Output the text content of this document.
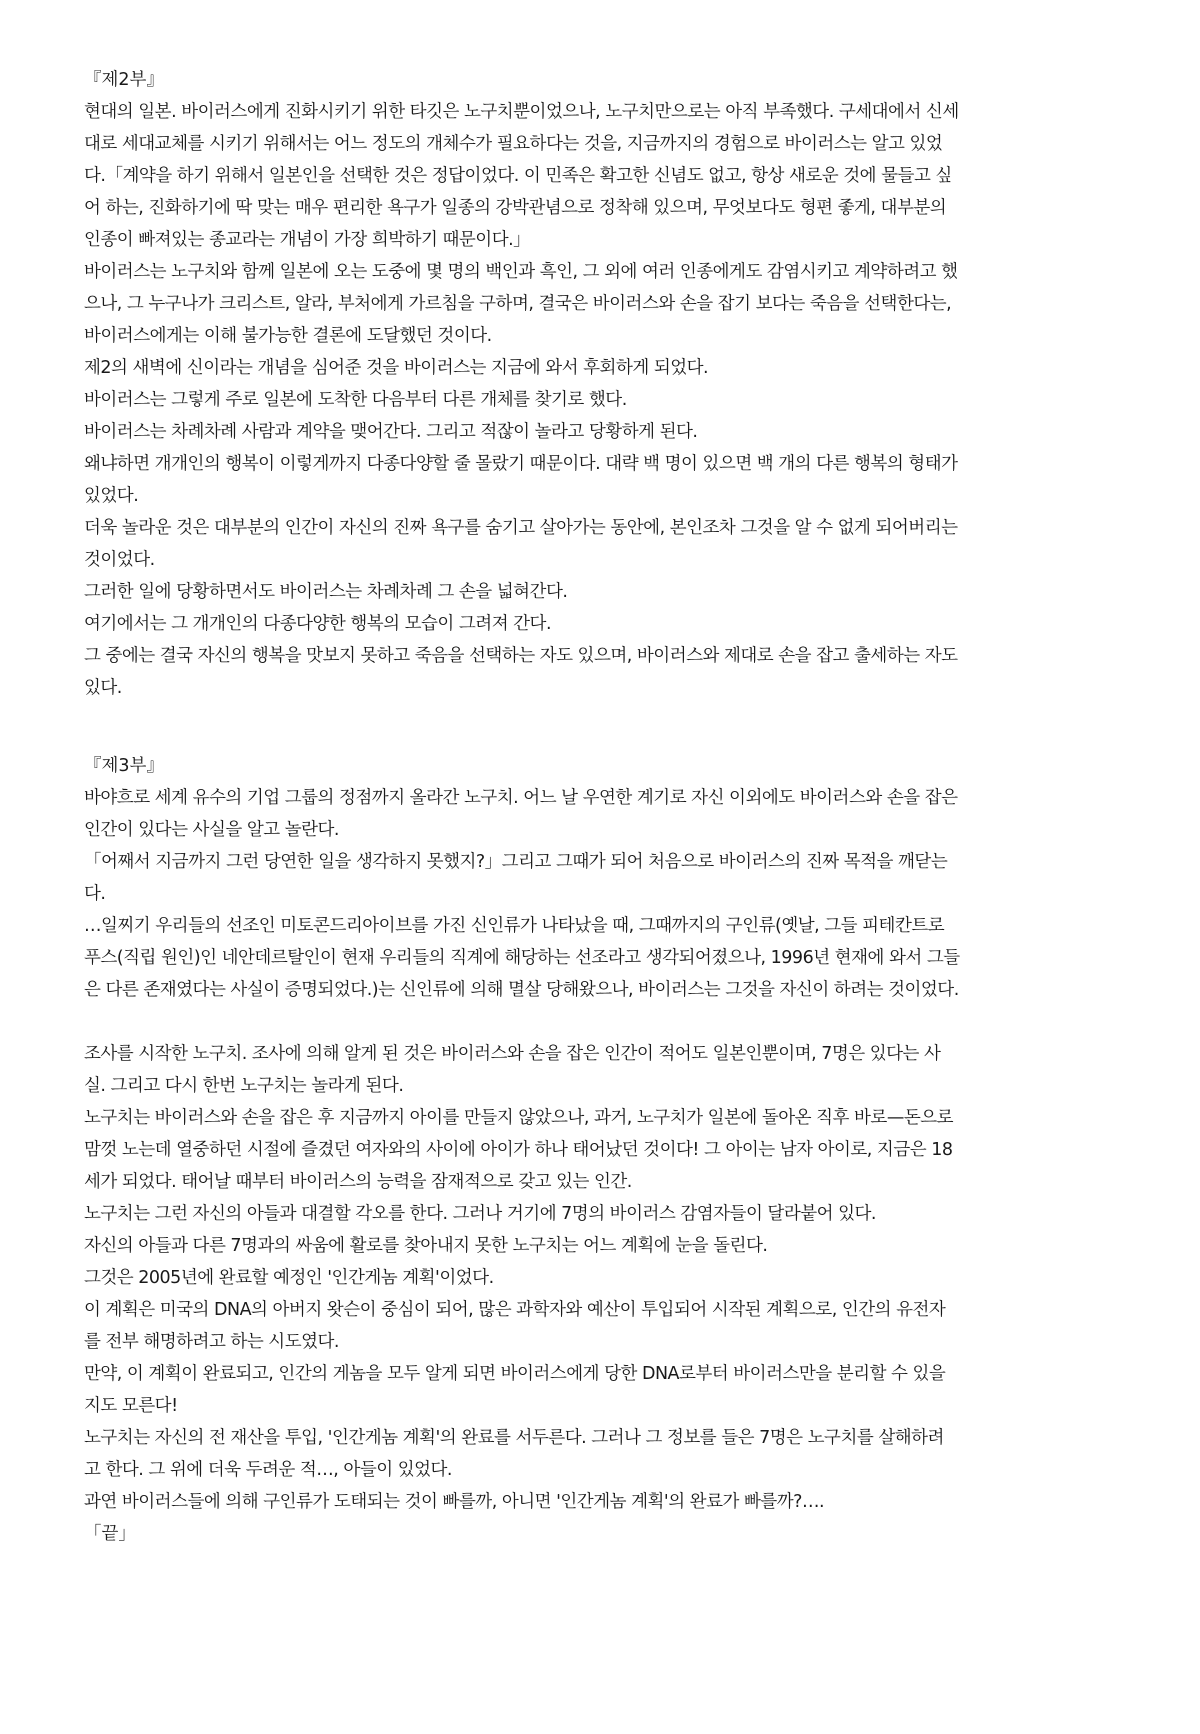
『제2부』

현대의 일본. 바이러스에게 진화시키기 위한 타깃은 노구치뿐이었으나, 노구치만으로는 아직 부족했다. 구세대에서 신세

대로 세대교체를 시키기 위해서는 어느 정도의 개체수가 필요하다는 것을, 지금까지의 경험으로 바이러스는 알고 있었

다.「계약을 하기 위해서 일본인을 선택한 것은 정답이었다. 이 민족은 확고한 신념도 없고, 항상 새로운 것에 물들고 싶

어 하는, 진화하기에 딱 맞는 매우 편리한 욕구가 일종의 강박관념으로 정착해 있으며, 무엇보다도 형편 좋게, 대부분의

인종이 빠져있는 종교라는 개념이 가장 희박하기 때문이다.」

바이러스는 노구치와 함께 일본에 오는 도중에 몇 명의 백인과 흑인, 그 외에 여러 인종에게도 감염시키고 계약하려고 했

으나, 그 누구나가 크리스트, 알라, 부처에게 가르침을 구하며, 결국은 바이러스와 손을 잡기 보다는 죽음을 선택한다는,

바이러스에게는 이해 불가능한 결론에 도달했던 것이다.

제2의 새벽에 신이라는 개념을 심어준 것을 바이러스는 지금에 와서 후회하게 되었다.

바이러스는 그렇게 주로 일본에 도착한 다음부터 다른 개체를 찾기로 했다.

바이러스는 차례차례 사람과 계약을 맺어간다. 그리고 적잖이 놀라고 당황하게 된다.

왜냐하면 개개인의 행복이 이렇게까지 다종다양할 줄 몰랐기 때문이다. 대략 백 명이 있으면 백 개의 다른 행복의 형태가

있었다.

더욱 놀라운 것은 대부분의 인간이 자신의 진짜 욕구를 숨기고 살아가는 동안에, 본인조차 그것을 알 수 없게 되어버리는

것이었다.

그러한 일에 당황하면서도 바이러스는 차례차례 그 손을 넓혀간다.

여기에서는 그 개개인의 다종다양한 행복의 모습이 그려져 간다.

그 중에는 결국 자신의 행복을 맛보지 못하고 죽음을 선택하는 자도 있으며, 바이러스와 제대로 손을 잡고 출세하는 자도

있다.

『제3부』

바야흐로 세계 유수의 기업 그룹의 정점까지 올라간 노구치. 어느 날 우연한 계기로 자신 이외에도 바이러스와 손을 잡은

인간이 있다는 사실을 알고 놀란다.

「어째서 지금까지 그런 당연한 일을 생각하지 못했지?」그리고 그때가 되어 처음으로 바이러스의 진짜 목적을 깨닫는

다.

…일찌기 우리들의 선조인 미토콘드리아이브를 가진 신인류가 나타났을 때, 그때까지의 구인류(옛날, 그들 피테칸트로

푸스(직립 원인)인 네안데르탈인이 현재 우리들의 직계에 해당하는 선조라고 생각되어졌으나, 1996년 현재에 와서 그들

은 다른 존재였다는 사실이 증명되었다.)는 신인류에 의해 멸살 당해왔으나, 바이러스는 그것을 자신이 하려는 것이었다.

조사를 시작한 노구치. 조사에 의해 알게 된 것은 바이러스와 손을 잡은 인간이 적어도 일본인뿐이며, 7명은 있다는 사

실. 그리고 다시 한번 노구치는 놀라게 된다.

노구치는 바이러스와 손을 잡은 후 지금까지 아이를 만들지 않았으나, 과거, 노구치가 일본에 돌아온 직후 바로—돈으로

맘껏 노는데 열중하던 시절에 즐겼던 여자와의 사이에 아이가 하나 태어났던 것이다! 그 아이는 남자 아이로, 지금은 18

세가 되었다. 태어날 때부터 바이러스의 능력을 잠재적으로 갖고 있는 인간.

노구치는 그런 자신의 아들과 대결할 각오를 한다. 그러나 거기에 7명의 바이러스 감염자들이 달라붙어 있다.

자신의 아들과 다른 7명과의 싸움에 활로를 찾아내지 못한 노구치는 어느 계획에 눈을 돌린다.

그것은 2005년에 완료할 예정인 '인간게놈 계획'이었다.

이 계획은 미국의 DNA의 아버지 왓슨이 중심이 되어, 많은 과학자와 예산이 투입되어 시작된 계획으로, 인간의 유전자

를 전부 해명하려고 하는 시도였다.

만약, 이 계획이 완료되고, 인간의 게놈을 모두 알게 되면 바이러스에게 당한 DNA로부터 바이러스만을 분리할 수 있을

지도 모른다!

노구치는 자신의 전 재산을 투입, '인간게놈 계획'의 완료를 서두른다. 그러나 그 정보를 들은 7명은 노구치를 살해하려

고 한다. 그 위에 더욱 두려운 적…, 아들이 있었다.

과연 바이러스들에 의해 구인류가 도태되는 것이 빠를까, 아니면 '인간게놈 계획'의 완료가 빠를까?….

「끝」
